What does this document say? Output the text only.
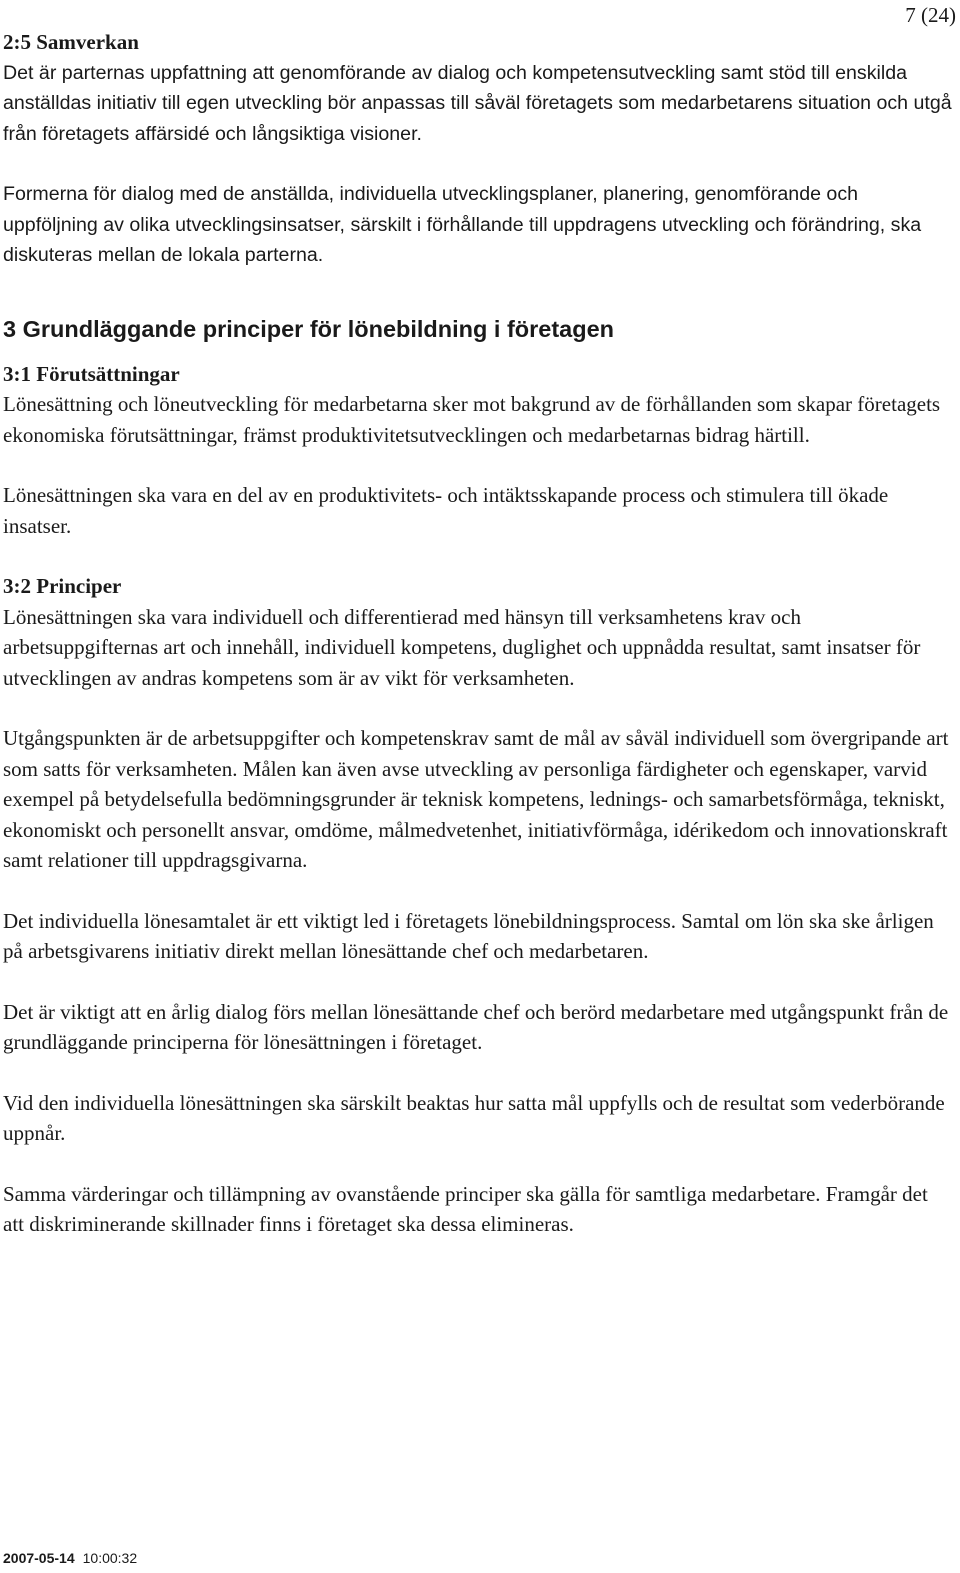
7 (24)
2:5 Samverkan

Det är parternas uppfattning att genomförande av dialog och kompetensutveckling samt stöd till enskilda anställdas initiativ till egen utveckling bör anpassas till såväl företagets som medarbetarens situation och utgå från företagets affärsidé och långsiktiga visioner.

Formerna för dialog med de anställda, individuella utvecklingsplaner, planering, genomförande och uppföljning av olika utvecklingsinsatser, särskilt i förhållande till uppdragens utveckling och förändring, ska diskuteras mellan de lokala parterna.

3 Grundläggande principer för lönebildning i företagen
3:1 Förutsättningar

Lönesättning och löneutveckling för medarbetarna sker mot bakgrund av de förhållanden som skapar företagets ekonomiska förutsättningar, främst produktivitetsutvecklingen och medarbetarnas bidrag härtill.

Lönesättningen ska vara en del av en produktivitets- och intäktsskapande process och stimulera till ökade insatser.

3:2 Principer

Lönesättningen ska vara individuell och differentierad med hänsyn till verksamhetens krav och arbetsuppgifternas art och innehåll, individuell kompetens, duglighet och uppnådda resultat, samt insatser för utvecklingen av andras kompetens som är av vikt för verksamheten.

Utgångspunkten är de arbetsuppgifter och kompetenskrav samt de mål av såväl individuell som övergripande art som satts för verksamheten. Målen kan även avse utveckling av personliga färdigheter och egenskaper, varvid exempel på betydelsefulla bedömningsgrunder är teknisk kompetens, lednings- och samarbetsförmåga, tekniskt, ekonomiskt och personellt ansvar, omdöme, målmedvetenhet, initiativförmåga, idérikedom och innovationskraft samt relationer till uppdragsgivarna.

Det individuella lönesamtalet är ett viktigt led i företagets lönebildningsprocess. Samtal om lön ska ske årligen på arbetsgivarens initiativ direkt mellan lönesättande chef och medarbetaren.

Det är viktigt att en årlig dialog förs mellan lönesättande chef och berörd medarbetare med utgångspunkt från de grundläggande principerna för lönesättningen i företaget.

Vid den individuella lönesättningen ska särskilt beaktas hur satta mål uppfylls och de resultat som vederbörande uppnår.

Samma värderingar och tillämpning av ovanstående principer ska gälla för samtliga medarbetare. Framgår det att diskriminerande skillnader finns i företaget ska dessa elimineras.

2007-05-14 10:00:32
